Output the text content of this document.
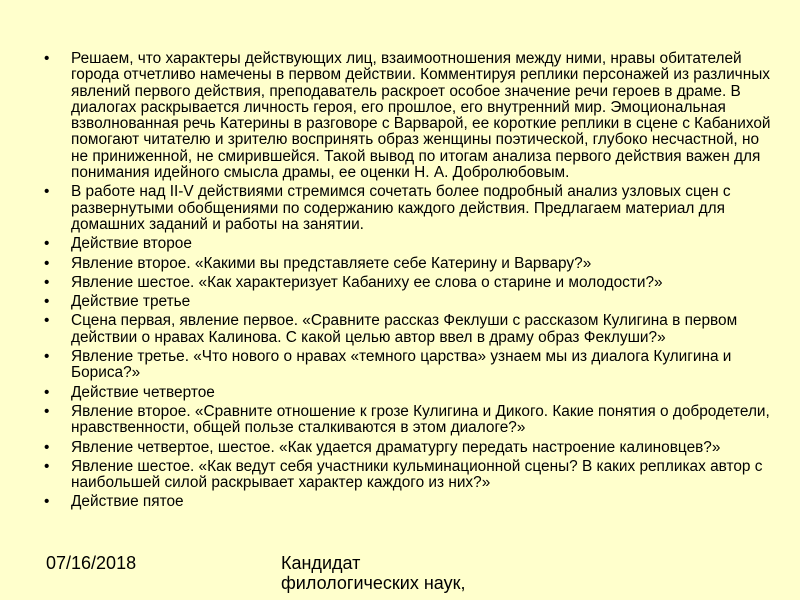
•	Решаем, что характеры действующих лиц, взаимоотношения между ними, нравы обитателей города отчетливо намечены в первом действии. Комментируя реплики персонажей из различных явлений первого действия, преподаватель раскроет особое значение речи героев в драме. В диалогах раскрывается личность героя, его прошлое, его внутренний мир. Эмоциональная взволнованная речь Катерины в разговоре с Варварой, ее короткие реплики в сцене с Кабанихой помогают читателю и зрителю воспринять образ женщины поэтической, глубоко несчастной, но не приниженной, не смирившейся. Такой вывод по итогам анализа первого действия важен для понимания идейного смысла драмы, ее оценки Н. А. Добролюбовым.
•	В работе над II-V действиями стремимся сочетать более подробный анализ узловых сцен с развернутыми обобщениями по содержанию каждого действия. Предлагаем материал для домашних заданий и работы на занятии.
•	Действие второе
•	Явление второе. «Какими вы представляете себе Катерину и Варвару?»
•	Явление шестое. «Как характеризует Кабаниху ее слова о старине и молодости?»
•	Действие третье
•	Сцена первая, явление первое. «Сравните рассказ Феклуши с рассказом Кулигина в первом действии о нравах Калинова. С какой целью автор ввел в драму образ Феклуши?»
•	Явление третье. «Что нового о нравах «темного царства» узнаем мы из диалога Кулигина и Бориса?»
•	Действие четвертое
•	Явление второе. «Сравните отношение к грозе Кулигина и Дикого. Какие понятия о добродетели, нравственности, общей пользе сталкиваются в этом диалоге?»
•	Явление четвертое, шестое. «Как удается драматургу передать настроение калиновцев?»
•	Явление шестое. «Как ведут себя участники кульминационной сцены? В каких репликах автор с наибольшей силой раскрывает характер каждого из них?»
•	Действие пятое
07/16/2018	Кандидат филологических наук,
